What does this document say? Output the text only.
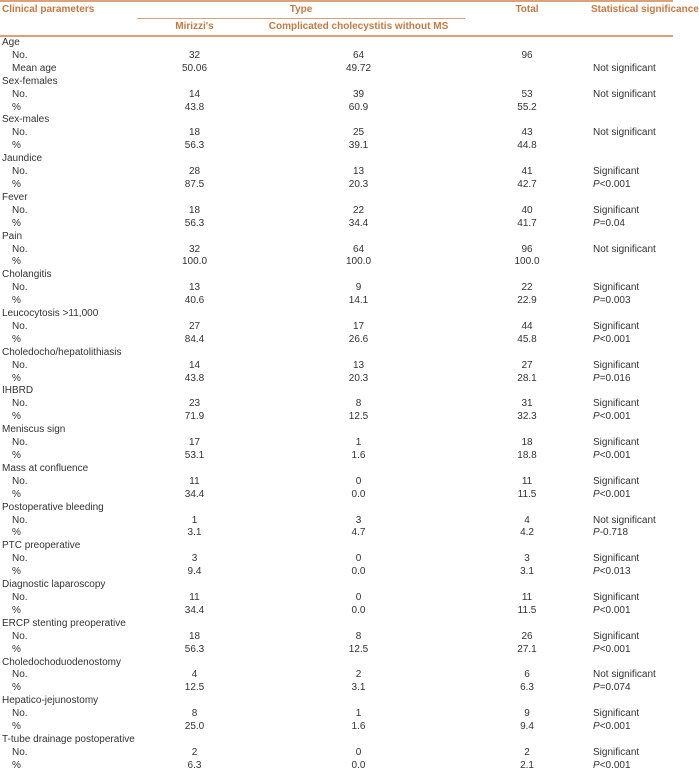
Clinical parameters	Type		Total	Statistical significance
	Mirizzi's	Complicated cholecystitis without MS		
Age				
No.	32	64	96	
Mean age	50.06	49.72		Not significant
Sex-females				
No.	14	39	53	Not significant
%	43.8	60.9	55.2	
Sex-males				
No.	18	25	43	Not significant
%	56.3	39.1	44.8	
Jaundice				
No.	28	13	41	Significant
%	87.5	20.3	42.7	P<0.001
Fever				
No.	18	22	40	Significant
%	56.3	34.4	41.7	P=0.04
Pain				
No.	32	64	96	Not significant
%	100.0	100.0	100.0	
Cholangitis				
No.	13	9	22	Significant
%	40.6	14.1	22.9	P=0.003
Leucocytosis >11,000				
No.	27	17	44	Significant
%	84.4	26.6	45.8	P<0.001
Choledocho/hepatolithiasis				
No.	14	13	27	Significant
%	43.8	20.3	28.1	P=0.016
IHBRD				
No.	23	8	31	Significant
%	71.9	12.5	32.3	P<0.001
Meniscus sign				
No.	17	1	18	Significant
%	53.1	1.6	18.8	P<0.001
Mass at confluence				
No.	11	0	11	Significant
%	34.4	0.0	11.5	P<0.001
Postoperative bleeding				
No.	1	3	4	Not significant
%	3.1	4.7	4.2	P-0.718
PTC preoperative				
No.	3	0	3	Significant
%	9.4	0.0	3.1	P<0.013
Diagnostic laparoscopy				
No.	11	0	11	Significant
%	34.4	0.0	11.5	P<0.001
ERCP stenting preoperative				
No.	18	8	26	Significant
%	56.3	12.5	27.1	P<0.001
Choledochoduodenostomy				
No.	4	2	6	Not significant
%	12.5	3.1	6.3	P=0.074
Hepatico-jejunostomy				
No.	8	1	9	Significant
%	25.0	1.6	9.4	P<0.001
T-tube drainage postoperative				
No.	2	0	2	Significant
%	6.3	0.0	2.1	P<0.001
